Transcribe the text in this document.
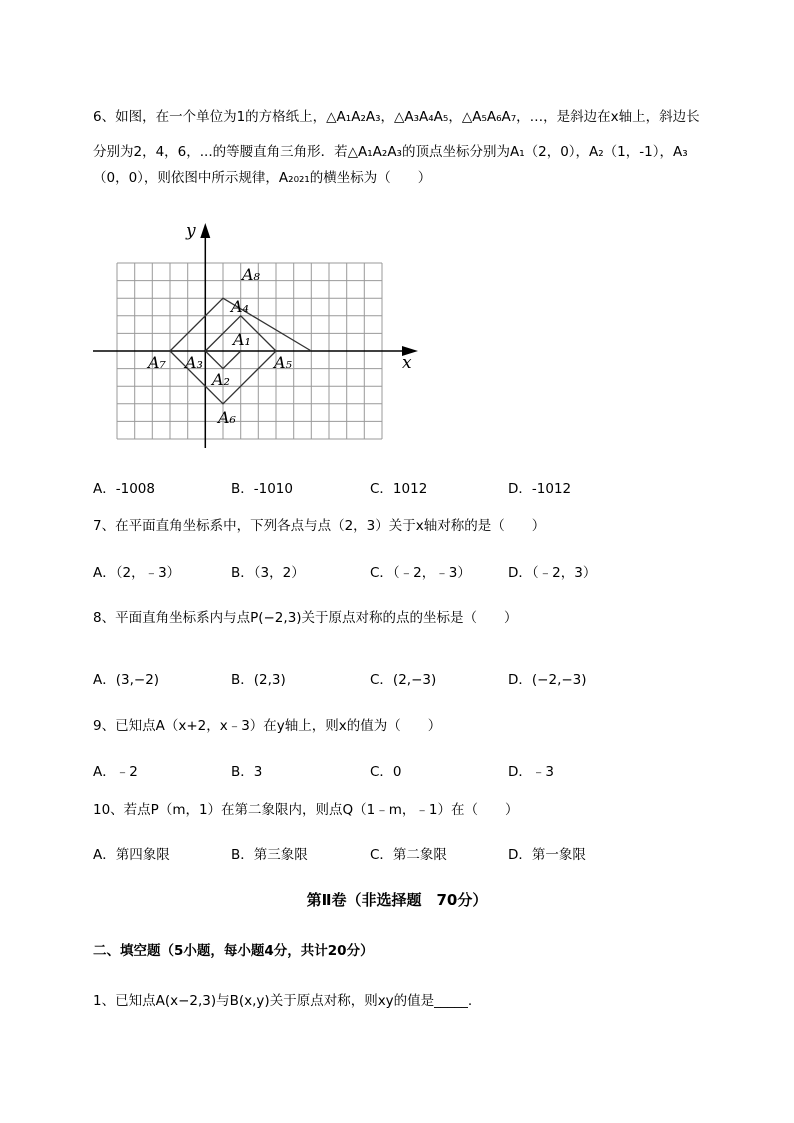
6、如图，在一个单位为1的方格纸上，△A₁A₂A₃，△A₃A₄A₅，△A₅A₆A₇，…，是斜边在x轴上，斜边长
分别为2，4，6，...的等腰直角三角形．若△A₁A₂A₃的顶点坐标分别为A₁（2，0），A₂（1，-1），A₃
（0，0），则依图中所示规律，A₂₀₂₁的横坐标为（　　）
A₈
A₄
A₁
A₇ A₃
A₂
A₅
A₆
y
x
A．-1008	B．-1010	C．1012	D．-1012
7、在平面直角坐标系中，下列各点与点（2，3）关于x轴对称的是（　　）
A．（2，﹣3）	B．（3，2）	C．（﹣2，﹣3）	D．（﹣2，3）
8、平面直角坐标系内与点P(−2,3)关于原点对称的点的坐标是（　　）
A．(3,−2)	B．(2,3)	C．(2,−3)	D．(−2,−3)
9、已知点A（x+2，x﹣3）在y轴上，则x的值为（　　）
A．﹣2	B．3	C．0	D．﹣3
10、若点P（m，1）在第二象限内，则点Q（1﹣m，﹣1）在（　　）
A．第四象限	B．第三象限	C．第二象限	D．第一象限
第Ⅱ卷（非选择题　70分）
二、填空题（5小题，每小题4分，共计20分）
1、已知点A(x−2,3)与B(x,y)关于原点对称，则xy的值是_____.
